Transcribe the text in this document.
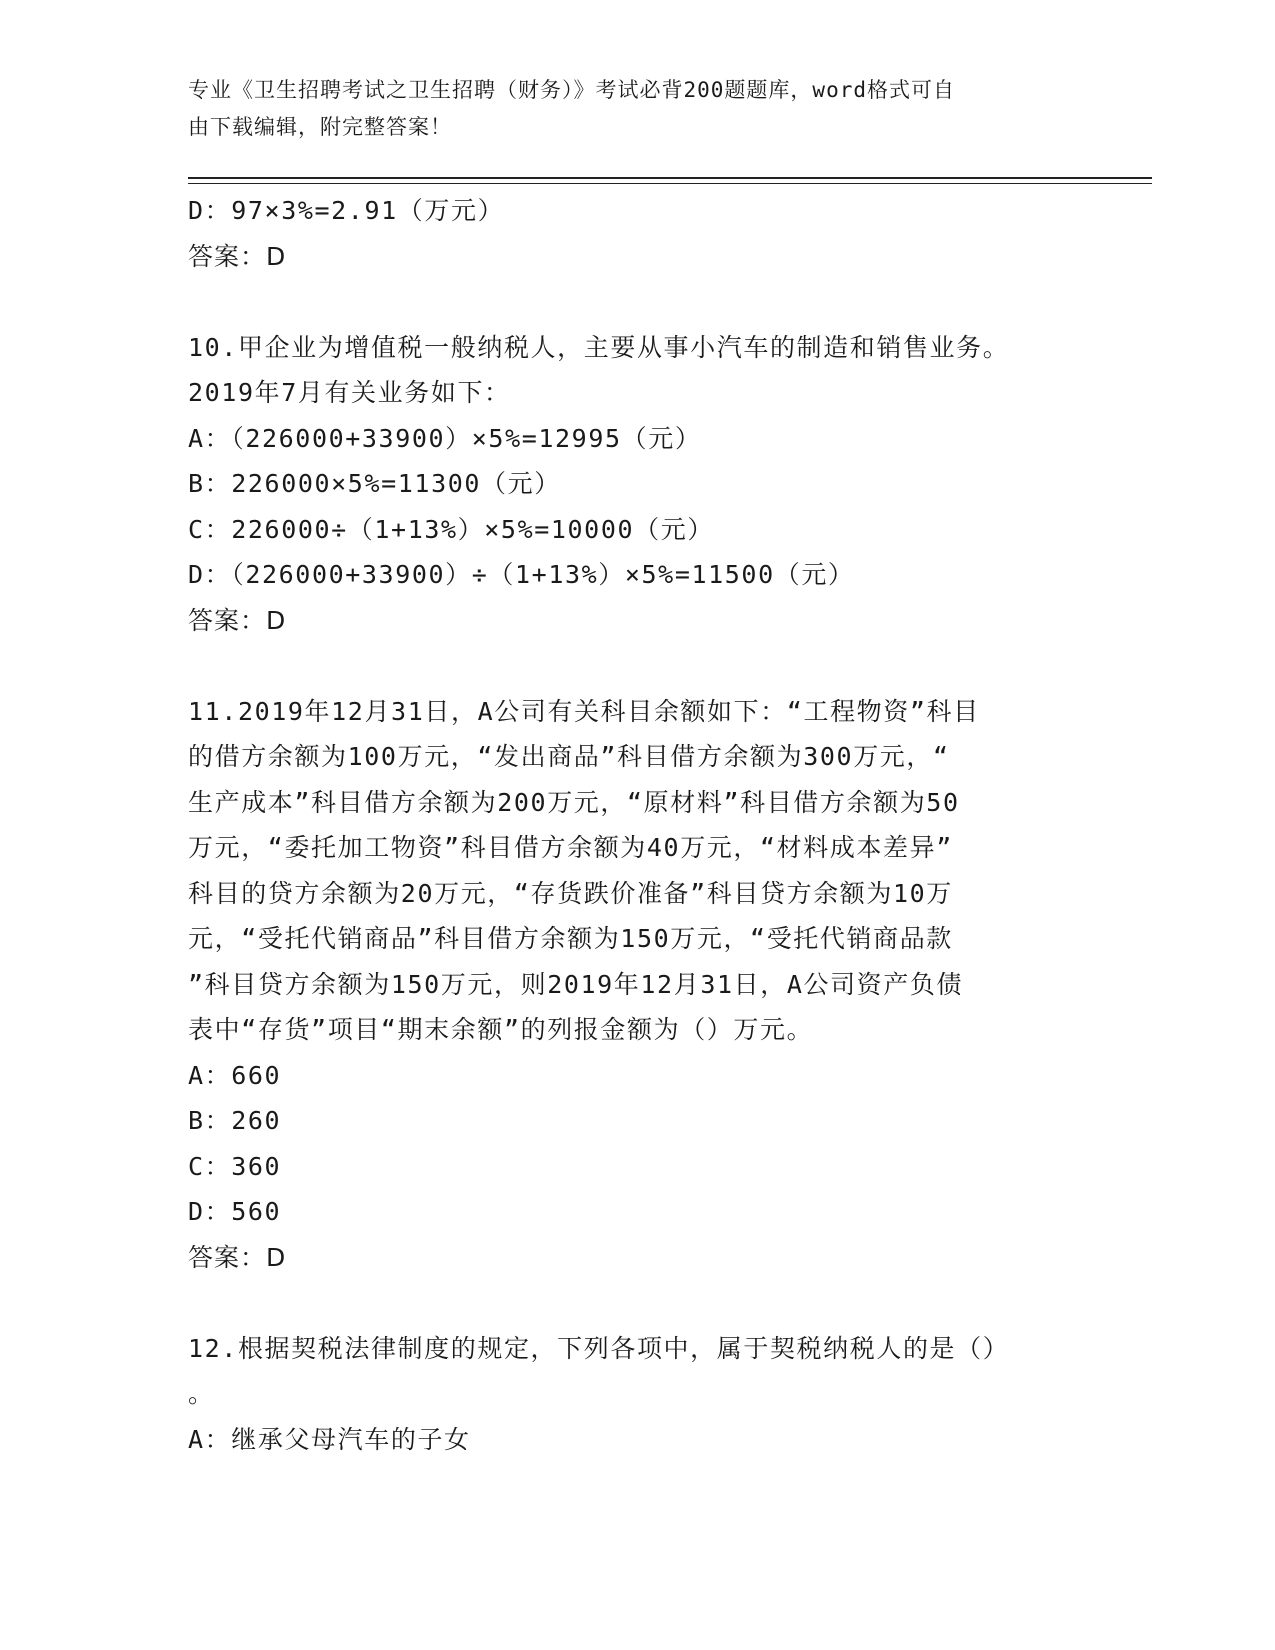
专业《卫生招聘考试之卫生招聘（财务）》考试必背200题题库，word格式可自
由下载编辑，附完整答案！
D：97×3%=2.91（万元）
答案：D
10.甲企业为增值税一般纳税人，主要从事小汽车的制造和销售业务。
2019年7月有关业务如下：
A：（226000+33900）×5%=12995（元）
B：226000×5%=11300（元）
C：226000÷（1+13%）×5%=10000（元）
D：（226000+33900）÷（1+13%）×5%=11500（元）
答案：D
11.2019年12月31日，A公司有关科目余额如下：“工程物资”科目
的借方余额为100万元，“发出商品”科目借方余额为300万元，“
生产成本”科目借方余额为200万元，“原材料”科目借方余额为50
万元，“委托加工物资”科目借方余额为40万元，“材料成本差异”
科目的贷方余额为20万元，“存货跌价准备”科目贷方余额为10万
元，“受托代销商品”科目借方余额为150万元，“受托代销商品款
”科目贷方余额为150万元，则2019年12月31日，A公司资产负债
表中“存货”项目“期末余额”的列报金额为（）万元。
A：660
B：260
C：360
D：560
答案：D
12.根据契税法律制度的规定，下列各项中，属于契税纳税人的是（）
。
A：继承父母汽车的子女
